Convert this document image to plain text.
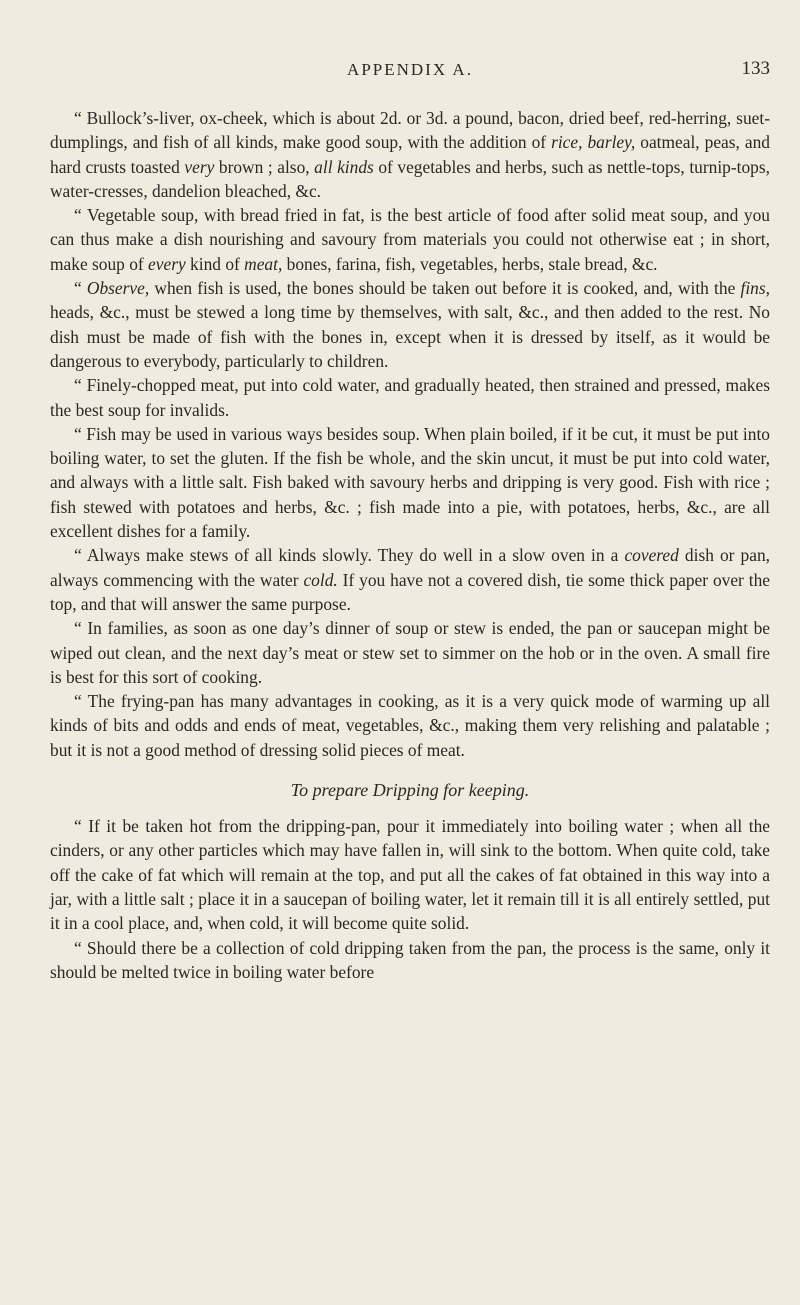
APPENDIX A.	133

“ Bullock’s-liver, ox-cheek, which is about 2d. or 3d. a pound, bacon, dried beef, red-herring, suet-dumplings, and fish of all kinds, make good soup, with the addition of rice, barley, oatmeal, peas, and hard crusts toasted very brown ; also, all kinds of vegetables and herbs, such as nettle-tops, turnip-tops, water-cresses, dandelion bleached, &c.

“ Vegetable soup, with bread fried in fat, is the best article of food after solid meat soup, and you can thus make a dish nourishing and savoury from materials you could not otherwise eat ; in short, make soup of every kind of meat, bones, farina, fish, vegetables, herbs, stale bread, &c.

“ Observe, when fish is used, the bones should be taken out before it is cooked, and, with the fins, heads, &c., must be stewed a long time by themselves, with salt, &c., and then added to the rest. No dish must be made of fish with the bones in, except when it is dressed by itself, as it would be dangerous to everybody, particularly to children.

“ Finely-chopped meat, put into cold water, and gradually heated, then strained and pressed, makes the best soup for invalids.

“ Fish may be used in various ways besides soup. When plain boiled, if it be cut, it must be put into boiling water, to set the gluten. If the fish be whole, and the skin uncut, it must be put into cold water, and always with a little salt. Fish baked with savoury herbs and dripping is very good. Fish with rice ; fish stewed with potatoes and herbs, &c. ; fish made into a pie, with potatoes, herbs, &c., are all excellent dishes for a family.

“ Always make stews of all kinds slowly. They do well in a slow oven in a covered dish or pan, always commencing with the water cold. If you have not a covered dish, tie some thick paper over the top, and that will answer the same purpose.

“ In families, as soon as one day’s dinner of soup or stew is ended, the pan or saucepan might be wiped out clean, and the next day’s meat or stew set to simmer on the hob or in the oven. A small fire is best for this sort of cooking.

“ The frying-pan has many advantages in cooking, as it is a very quick mode of warming up all kinds of bits and odds and ends of meat, vegetables, &c., making them very relishing and palatable ; but it is not a good method of dressing solid pieces of meat.

To prepare Dripping for keeping.

“ If it be taken hot from the dripping-pan, pour it immediately into boiling water ; when all the cinders, or any other particles which may have fallen in, will sink to the bottom. When quite cold, take off the cake of fat which will remain at the top, and put all the cakes of fat obtained in this way into a jar, with a little salt ; place it in a saucepan of boiling water, let it remain till it is all entirely settled, put it in a cool place, and, when cold, it will become quite solid.

“ Should there be a collection of cold dripping taken from the pan, the process is the same, only it should be melted twice in boiling water before
